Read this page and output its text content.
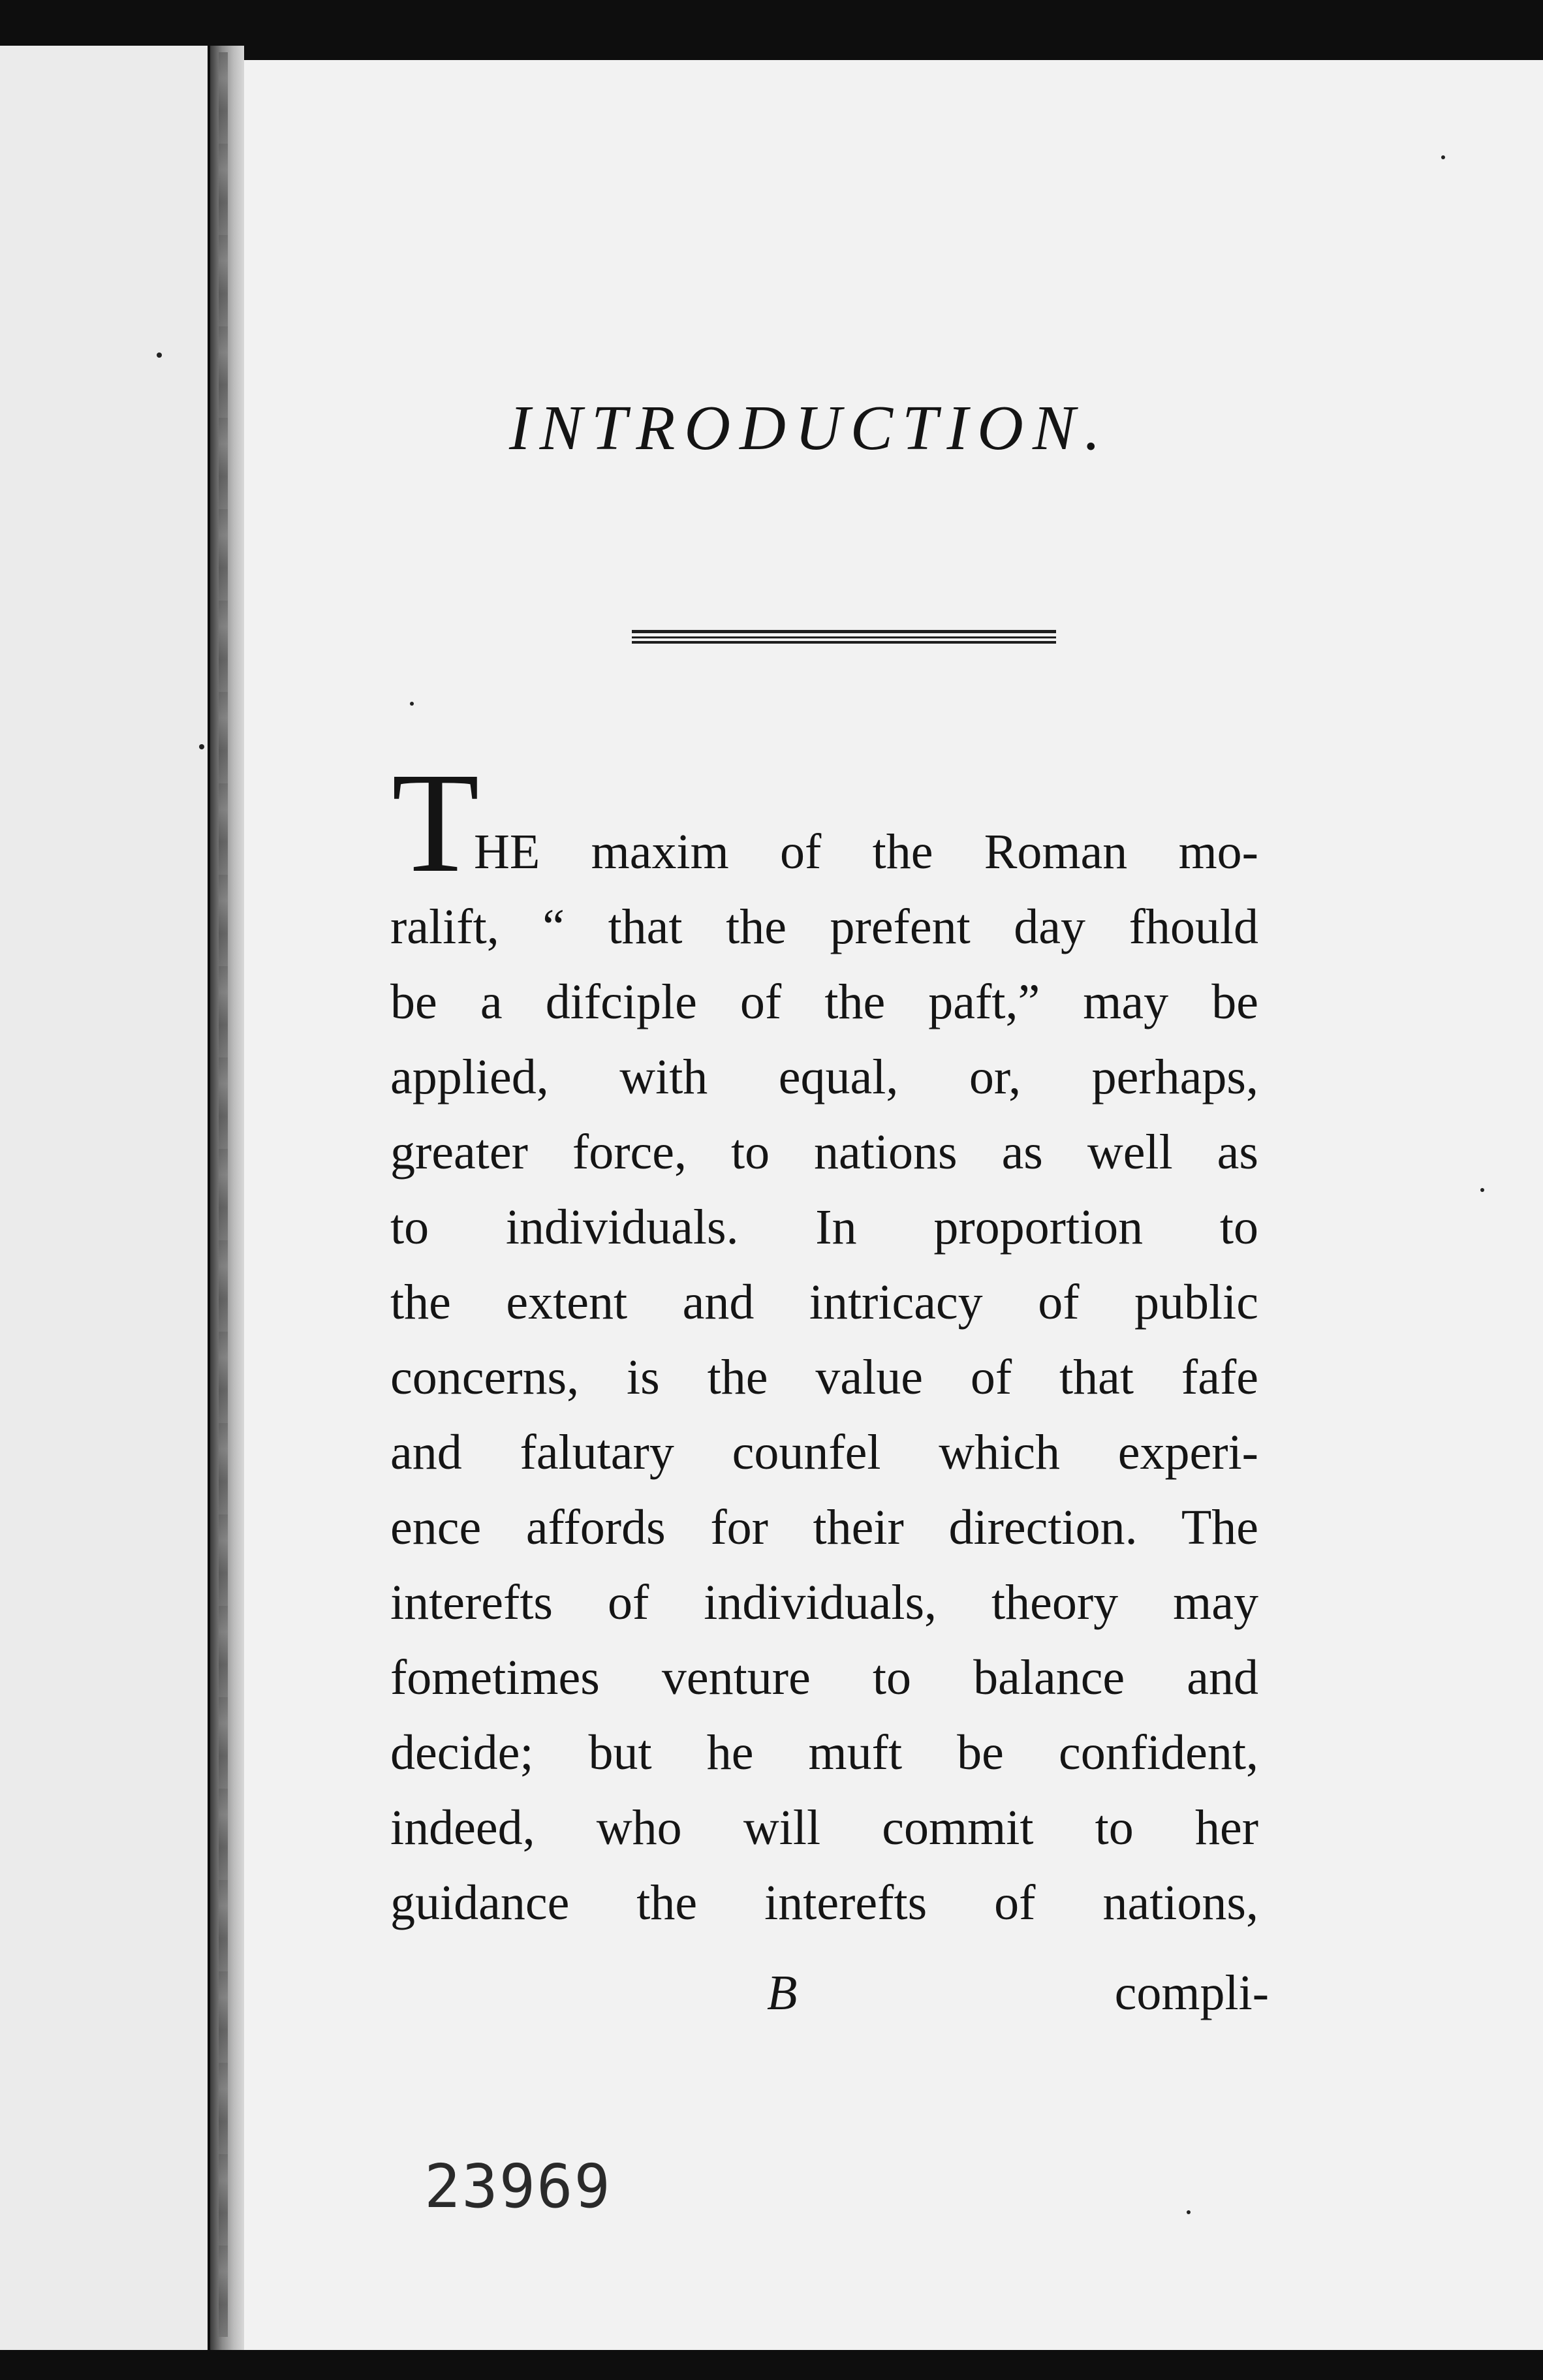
INTRODUCTION.
T
HE maxim of the Roman mo-
ralift, “ that the prefent day fhould
be a difciple of the paft,” may be
applied, with equal, or, perhaps,
greater force, to nations as well as
to individuals. In proportion to
the extent and intricacy of public
concerns, is the value of that fafe
and falutary counfel which experi-
ence affords for their direction. The
interefts of individuals, theory may
fometimes venture to balance and
decide; but he muft be confident,
indeed, who will commit to her
guidance the interefts of nations,
B	compli-
23969
